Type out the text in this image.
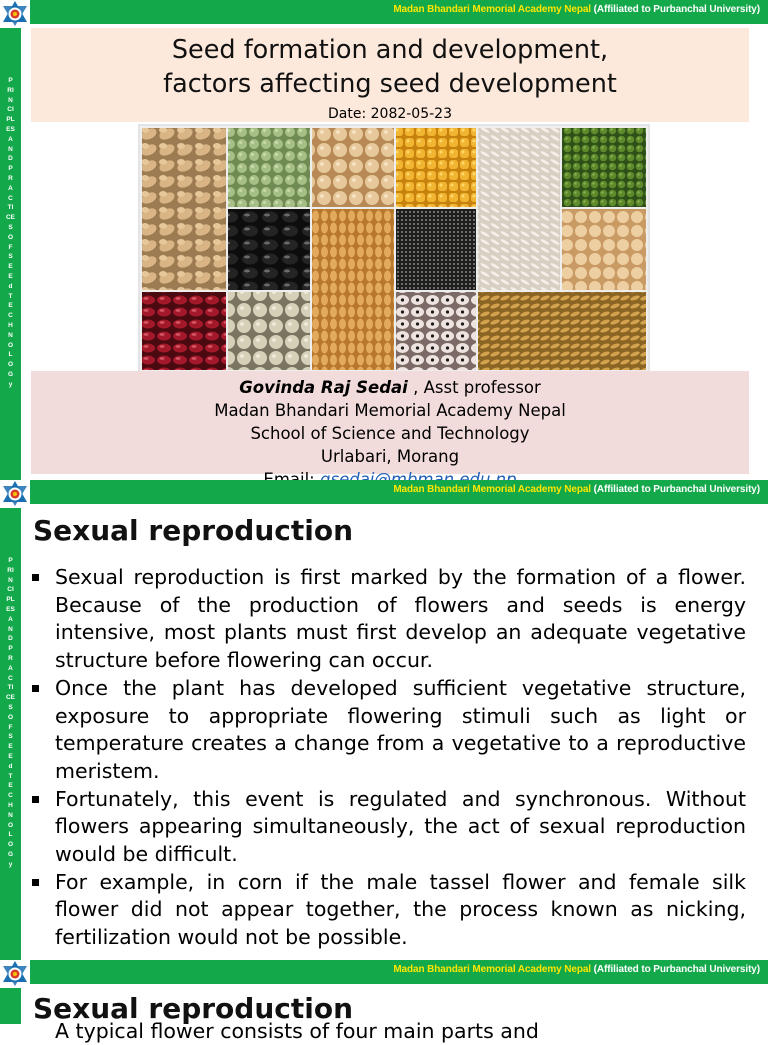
Madan Bhandari Memorial Academy Nepal (Affiliated to Purbanchal University)
P
RI
N
CI
PL
ES
A
N
D
P
R
A
C
TI
CE
S
O
F
S
E
E
d
T
E
C
H
N
O
L
O
G
y
Seed formation and development,
factors affecting seed development
Date: 2082-05-23
Govinda Raj Sedai , Asst professor
Madan Bhandari Memorial Academy Nepal
School of Science and Technology
Urlabari, Morang
Madan Bhandari Memorial Academy Nepal (Affiliated to Purbanchal University)
P
RI
N
CI
PL
ES
A
N
D
P
R
A
C
TI
CE
S
O
F
S
E
E
d
T
E
C
H
N
O
L
O
G
y
Sexual reproduction
Sexual reproduction is first marked by the formation of a flower. Because of the production of flowers and seeds is energy intensive, most plants must first develop an adequate vegetative structure before flowering can occur.
Once the plant has developed sufficient vegetative structure, exposure to appropriate flowering stimuli such as light or temperature creates a change from a vegetative to a reproductive meristem.
Fortunately, this event is regulated and synchronous. Without flowers appearing simultaneously, the act of sexual reproduction would be difficult.
For example, in corn if the male tassel flower and female silk flower did not appear together, the process known as nicking, fertilization would not be possible.
Madan Bhandari Memorial Academy Nepal (Affiliated to Purbanchal University)
Sexual reproduction
A typical flower consists of four main parts and
